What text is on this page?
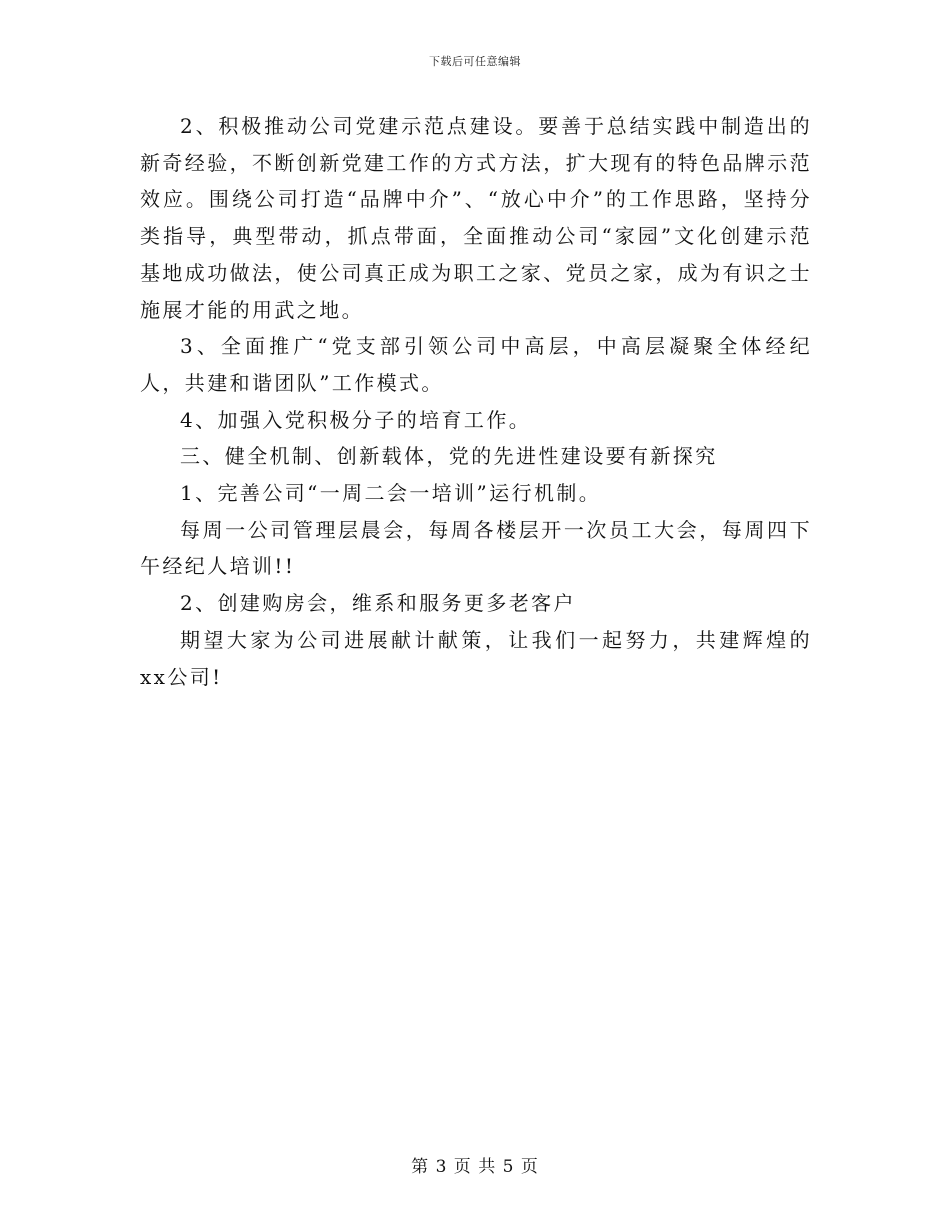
下载后可任意编辑

2、积极推动公司党建示范点建设。要善于总结实践中制造出的新奇经验，不断创新党建工作的方式方法，扩大现有的特色品牌示范效应。围绕公司打造“品牌中介”、“放心中介”的工作思路，坚持分类指导，典型带动，抓点带面，全面推动公司“家园”文化创建示范基地成功做法，使公司真正成为职工之家、党员之家，成为有识之士施展才能的用武之地。

3、全面推广“党支部引领公司中高层，中高层凝聚全体经纪人，共建和谐团队”工作模式。

4、加强入党积极分子的培育工作。

三、健全机制、创新载体，党的先进性建设要有新探究

1、完善公司“一周二会一培训”运行机制。

每周一公司管理层晨会，每周各楼层开一次员工大会，每周四下午经纪人培训!!

2、创建购房会，维系和服务更多老客户

期望大家为公司进展献计献策，让我们一起努力，共建辉煌的xx公司!

第 3 页 共 5 页
